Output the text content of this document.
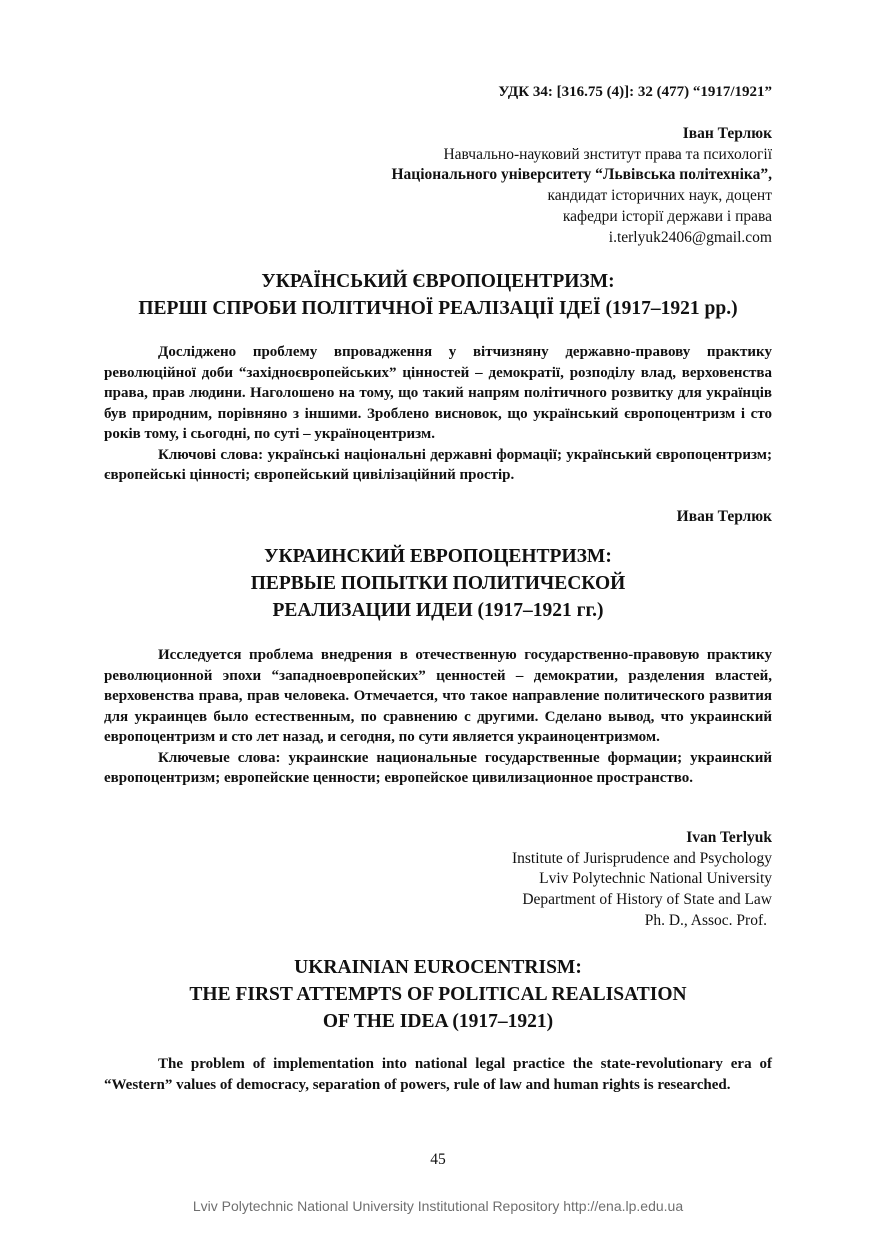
УДК 34: [316.75 (4)]: 32 (477) “1917/1921”
Іван Терлюк
Навчально-науковий знститут права та психології
Національного університету “Львівська політехніка”,
кандидат історичних наук, доцент
кафедри історії держави і права
i.terlyuk2406@gmail.com
УКРАЇНСЬКИЙ ЄВРОПОЦЕНТРИЗМ:
ПЕРШІ СПРОБИ ПОЛІТИЧНОЇ РЕАЛІЗАЦІЇ ІДЕЇ (1917–1921 рр.)

Досліджено проблему впровадження у вітчизняну державно-правову практику революційної доби “західноєвропейських” цінностей – демократії, розподілу влад, верховенства права, прав людини. Наголошено на тому, що такий напрям політичного розвитку для українців був природним, порівняно з іншими. Зроблено висновок, що український європоцентризм і сто років тому, і сьогодні, по суті – україноцентризм.

Ключові слова: українські національні державні формації; український європоцентризм; європейські цінності; європейський цивілізаційний простір.

Иван Терлюк
УКРАИНСКИЙ ЕВРОПОЦЕНТРИЗМ:
ПЕРВЫЕ ПОПЫТКИ ПОЛИТИЧЕСКОЙ
РЕАЛИЗАЦИИ ИДЕИ (1917–1921 гг.)

Исследуется проблема внедрения в отечественную государственно-правовую практику революционной эпохи “западноевропейских” ценностей – демократии, разделения властей, верховенства права, прав человека. Отмечается, что такое направление политического развития для украинцев было естественным, по сравнению с другими. Сделано вывод, что украинский европоцентризм и сто лет назад, и сегодня, по сути является украиноцентризмом.

Ключевые слова: украинские национальные государственные формации; украинский европоцентризм; европейские ценности; европейское цивилизационное пространство.

Ivan Terlyuk
Institute of Jurisprudence and Psychology
Lviv Polytechnic National University
Department of History of State and Law
Ph. D., Assoc. Prof.
UKRAINIAN EUROCENTRISM:
THE FIRST ATTEMPTS OF POLITICAL REALISATION
OF THE IDEA (1917–1921)

The problem of implementation into national legal practice the state-revolutionary era of “Western” values of democracy, separation of powers, rule of law and human rights is researched.

45
Lviv Polytechnic National University Institutional Repository http://ena.lp.edu.ua
